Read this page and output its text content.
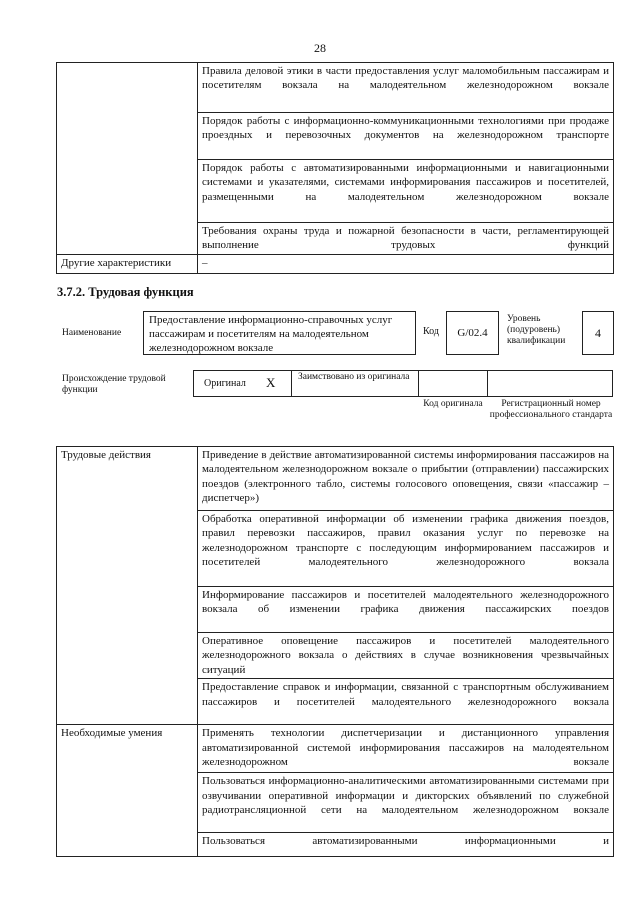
28
	Правила деловой этики в части предоставления услуг маломобильным пассажирам и посетителям вокзала на малодеятельном железнодорожном вокзале
	Порядок работы с информационно-коммуникационными технологиями при продаже проездных и перевозочных документов на железнодорожном транспорте
	Порядок работы с автоматизированными информационными и навигационными системами и указателями, системами информирования пассажиров и посетителей, размещенными на малодеятельном железнодорожном вокзале
	Требования охраны труда и пожарной безопасности в части, регламентирующей выполнение трудовых функций
Другие характеристики	–
3.7.2. Трудовая функция
Наименование
Предоставление информационно-справочных услуг пассажирам и посетителям на малодеятельном железнодорожном вокзале
Код	G/02.4
Уровень (подуровень) квалификации
4
Происхождение трудовой функции
Оригинал X	Заимствовано из оригинала
Код оригинала	Регистрационный номер профессионального стандарта
Трудовые действия	Приведение в действие автоматизированной системы информирования пассажиров на малодеятельном железнодорожном вокзале о прибытии (отправлении) пассажирских поездов (электронного табло, системы голосового оповещения, связи «пассажир – диспетчер»)
	Обработка оперативной информации об изменении графика движения поездов, правил перевозки пассажиров, правил оказания услуг по перевозке на железнодорожном транспорте с последующим информированием пассажиров и посетителей малодеятельного железнодорожного вокзала
	Информирование пассажиров и посетителей малодеятельного железнодорожного вокзала об изменении графика движения пассажирских поездов
	Оперативное оповещение пассажиров и посетителей малодеятельного железнодорожного вокзала о действиях в случае возникновения чрезвычайных ситуаций
	Предоставление справок и информации, связанной с транспортным обслуживанием пассажиров и посетителей малодеятельного железнодорожного вокзала
Необходимые умения	Применять технологии диспетчеризации и дистанционного управления автоматизированной системой информирования пассажиров на малодеятельном железнодорожном вокзале
	Пользоваться информационно-аналитическими автоматизированными системами при озвучивании оперативной информации и дикторских объявлений по служебной радиотрансляционной сети на малодеятельном железнодорожном вокзале
	Пользоваться автоматизированными информационными и
